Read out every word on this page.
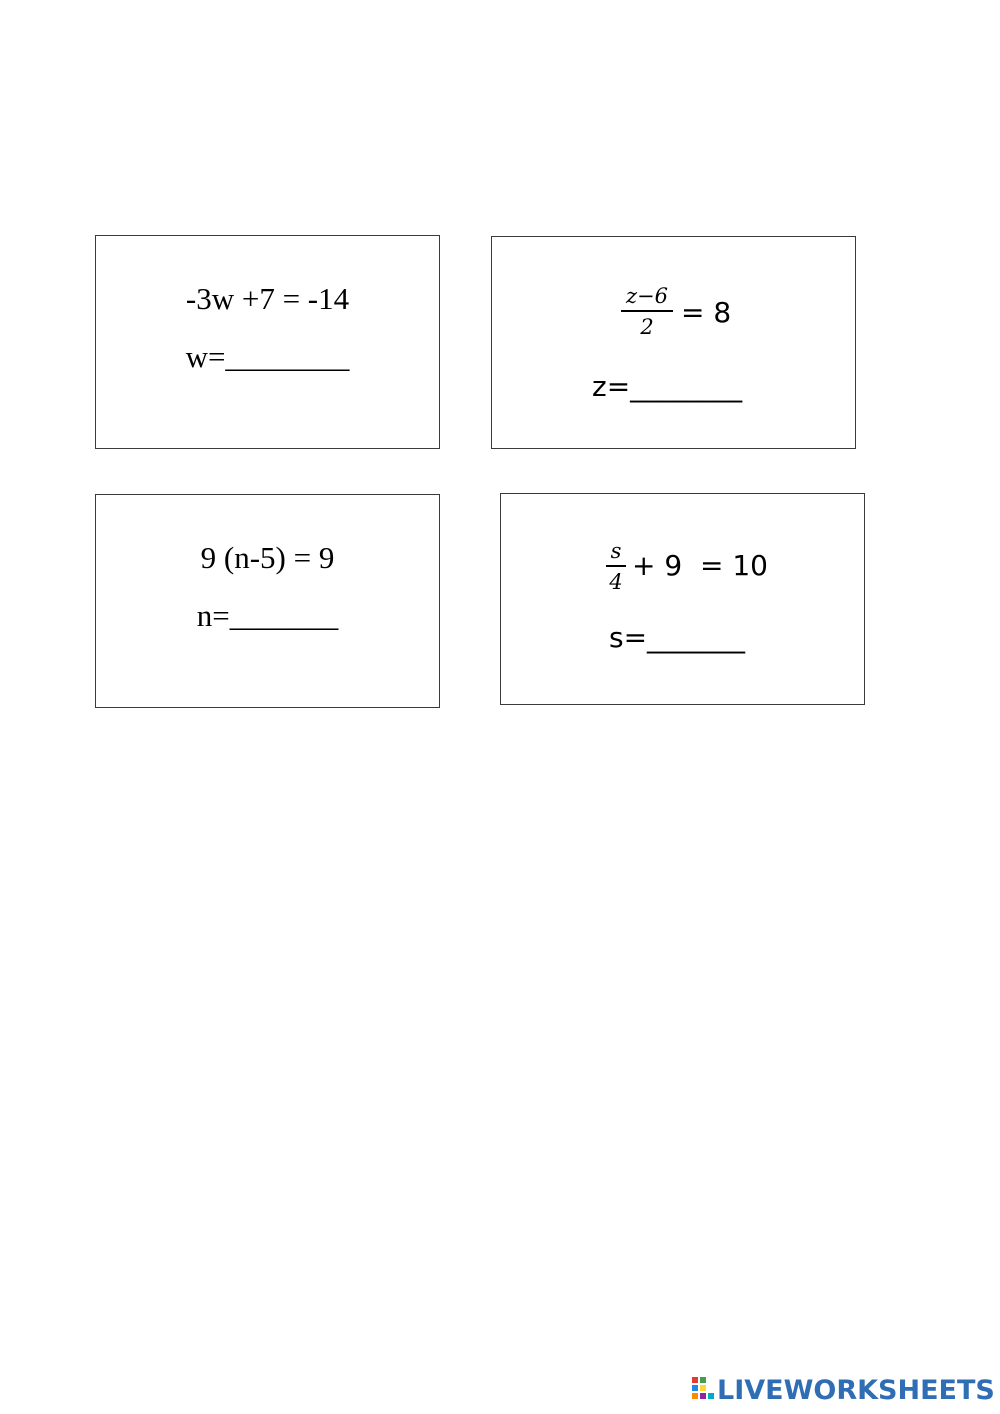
-3w +7 = -14
w=________
z−6
2 = 8
z=________
9 (n-5) = 9
n=_______
s
4 + 9  = 10
s=_______
LIVEWORKSHEETS
